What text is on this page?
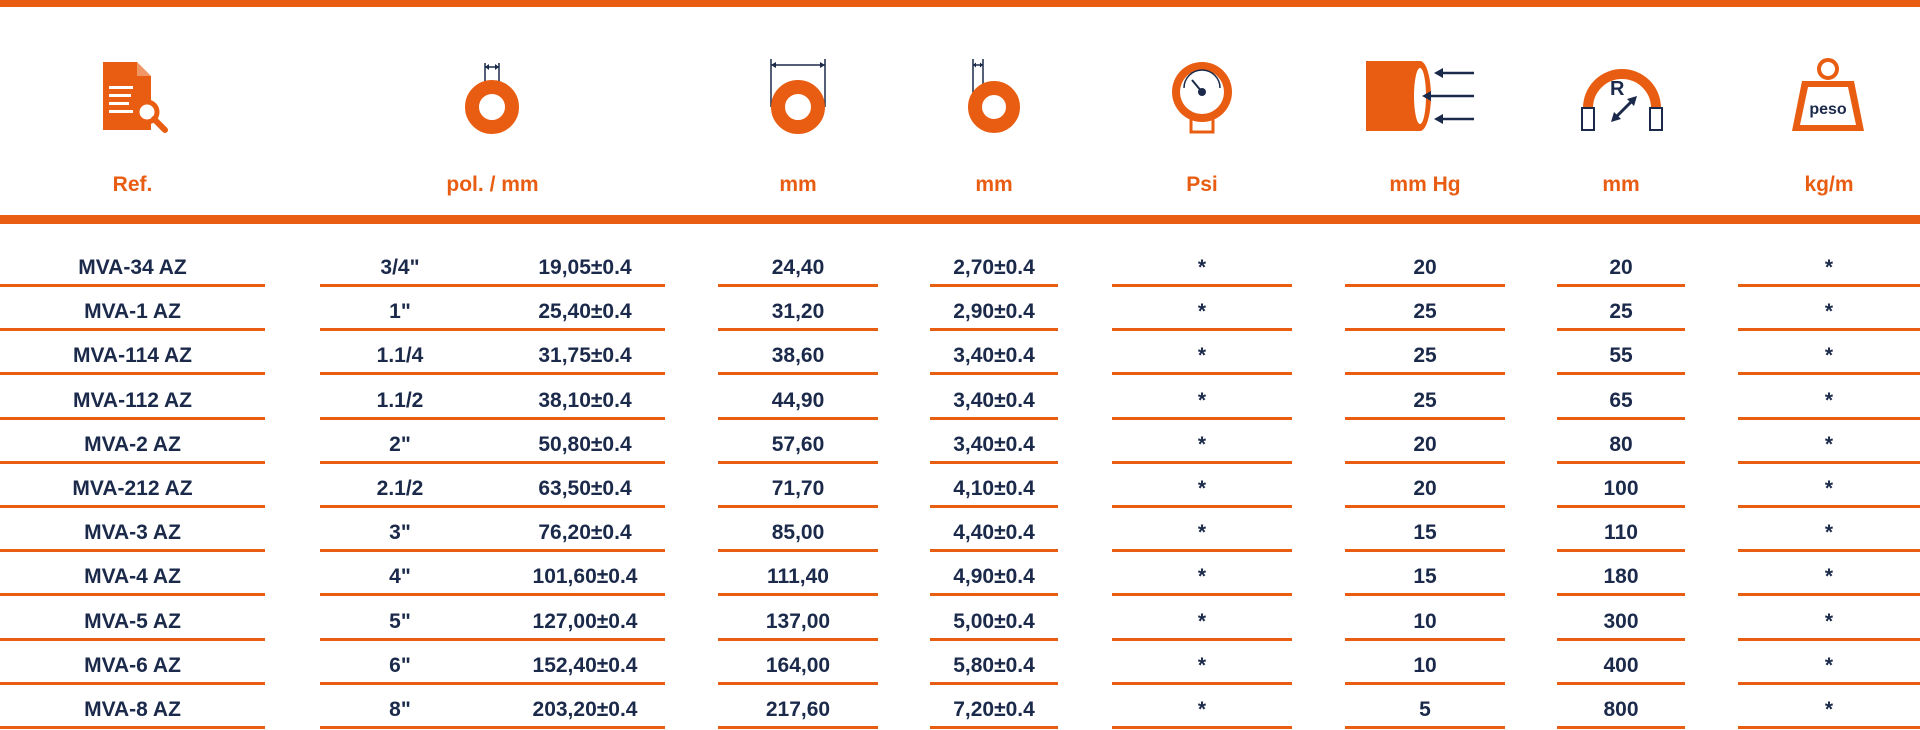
R
peso
Ref.	pol. / mm	mm	mm	Psi	mm Hg	mm	kg/m
MVA-34 AZ	3/4"	19,05±0.4	24,40	2,70±0.4	*	20	20	*
MVA-1 AZ	1"	25,40±0.4	31,20	2,90±0.4	*	25	25	*
MVA-114 AZ	1.1/4	31,75±0.4	38,60	3,40±0.4	*	25	55	*
MVA-112 AZ	1.1/2	38,10±0.4	44,90	3,40±0.4	*	25	65	*
MVA-2 AZ	2"	50,80±0.4	57,60	3,40±0.4	*	20	80	*
MVA-212 AZ	2.1/2	63,50±0.4	71,70	4,10±0.4	*	20	100	*
MVA-3 AZ	3"	76,20±0.4	85,00	4,40±0.4	*	15	110	*
MVA-4 AZ	4"	101,60±0.4	111,40	4,90±0.4	*	15	180	*
MVA-5 AZ	5"	127,00±0.4	137,00	5,00±0.4	*	10	300	*
MVA-6 AZ	6"	152,40±0.4	164,00	5,80±0.4	*	10	400	*
MVA-8 AZ	8"	203,20±0.4	217,60	7,20±0.4	*	5	800	*
